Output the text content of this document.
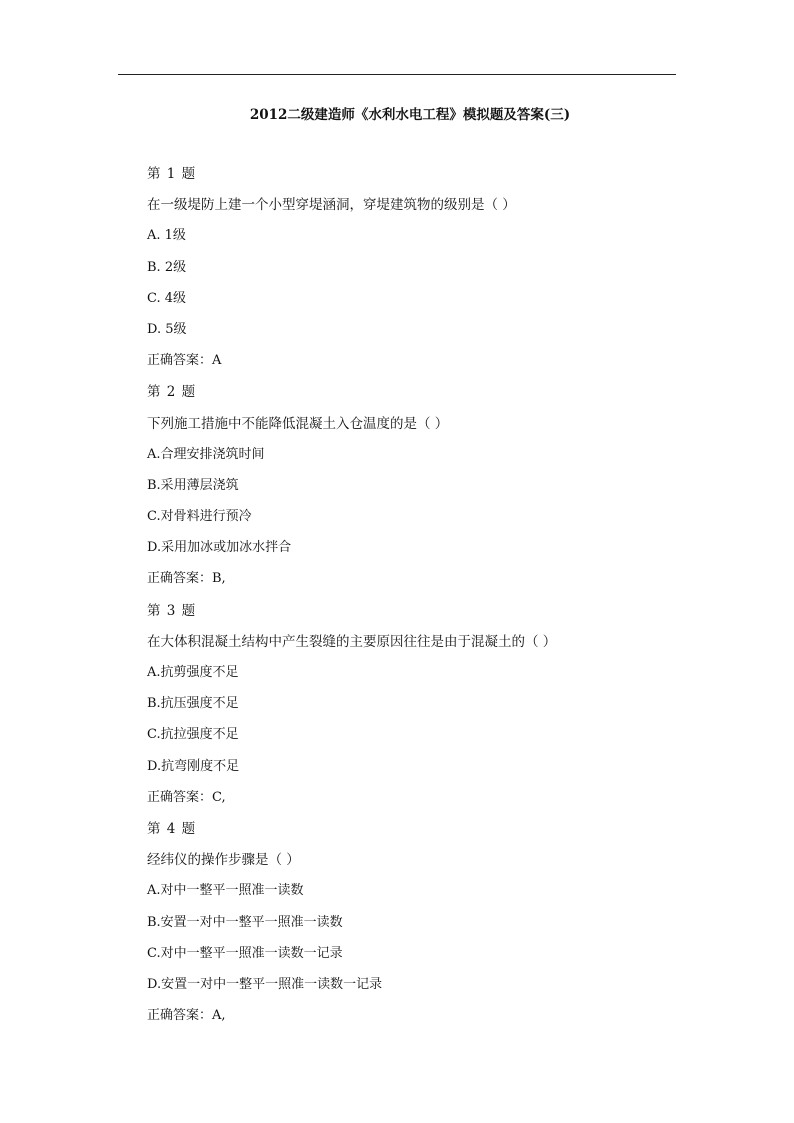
2012二级建造师《水利水电工程》模拟题及答案(三)
第 1 题
在一级堤防上建一个小型穿堤涵洞，穿堤建筑物的级别是（ ）
A. 1级
B. 2级
C. 4级
D. 5级
正确答案：A
第 2 题
下列施工措施中不能降低混凝土入仓温度的是（ ）
A.合理安排浇筑时间
B.采用薄层浇筑
C.对骨料进行预冷
D.采用加冰或加冰水拌合
正确答案：B,
第 3 题
在大体积混凝土结构中产生裂缝的主要原因往往是由于混凝土的（ ）
A.抗剪强度不足
B.抗压强度不足
C.抗拉强度不足
D.抗弯刚度不足
正确答案：C,
第 4 题
经纬仪的操作步骤是（ ）
A.对中一整平一照准一读数
B.安置一对中一整平一照准一读数
C.对中一整平一照准一读数一记录
D.安置一对中一整平一照准一读数一记录
正确答案：A,
